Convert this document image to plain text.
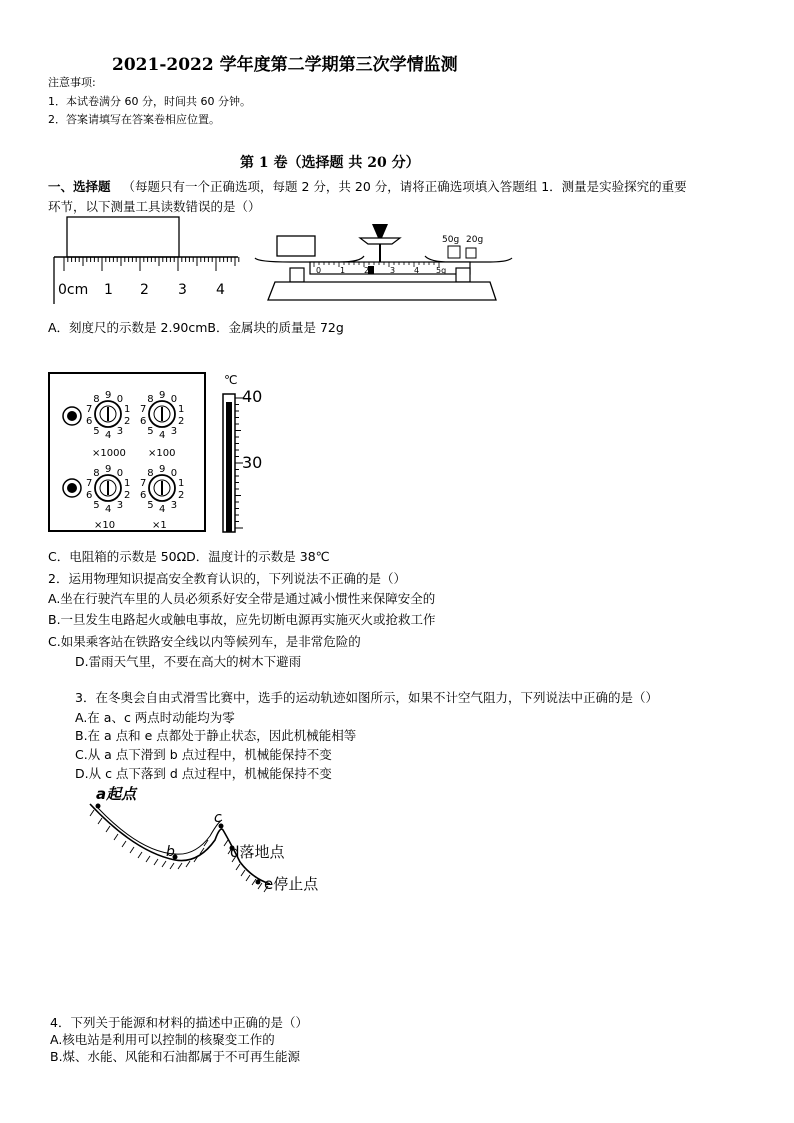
2021-2022 学年度第二学期第三次学情监测
注意事项:
1．本试卷满分 60 分，时间共 60 分钟。
2．答案请填写在答案卷相应位置。
第 1 卷（选择题 共 20 分）
一、选择题 （每题只有一个正确选项，每题 2 分，共 20 分，请将正确选项填入答题组 1．测量是实验探究的重要
环节，以下测量工具读数错误的是（）
0cm 1 2 3 4
0 1 2	3 4 5g
50g 20g
A．刻度尺的示数是 2.90cmB．金属块的质量是 72g
9 0
1
2
3
4
5
6
7
8	9 0
1
2
3
4
5
6
7
8
9 0
1
2
3
4
5
6
7
8	9 0
1
2
3
4
5
6
7
8
×1000 ×100
×10	×1
℃
40
30
C．电阻箱的示数是 50ΩD．温度计的示数是 38℃
2．运用物理知识提高安全教育认识的，下列说法不正确的是（）
A.坐在行驶汽车里的人员必须系好安全带是通过减小惯性来保障安全的
B.一旦发生电路起火或触电事故，应先切断电源再实施灭火或抢救工作
C.如果乘客站在铁路安全线以内等候列车，是非常危险的
D.雷雨天气里，不要在高大的树木下避雨
3．在冬奥会自由式滑雪比赛中，选手的运动轨迹如图所示，如果不计空气阻力，下列说法中正确的是（）
A.在 a、c 两点时动能均为零
B.在 a 点和 e 点都处于静止状态，因此机械能相等
C.从 a 点下滑到 b 点过程中，机械能保持不变
D.从 c 点下落到 d 点过程中，机械能保持不变
a起点
b
c
d落地点
e停止点
4．下列关于能源和材料的描述中正确的是（）
A.核电站是利用可以控制的核聚变工作的
B.煤、水能、风能和石油都属于不可再生能源
